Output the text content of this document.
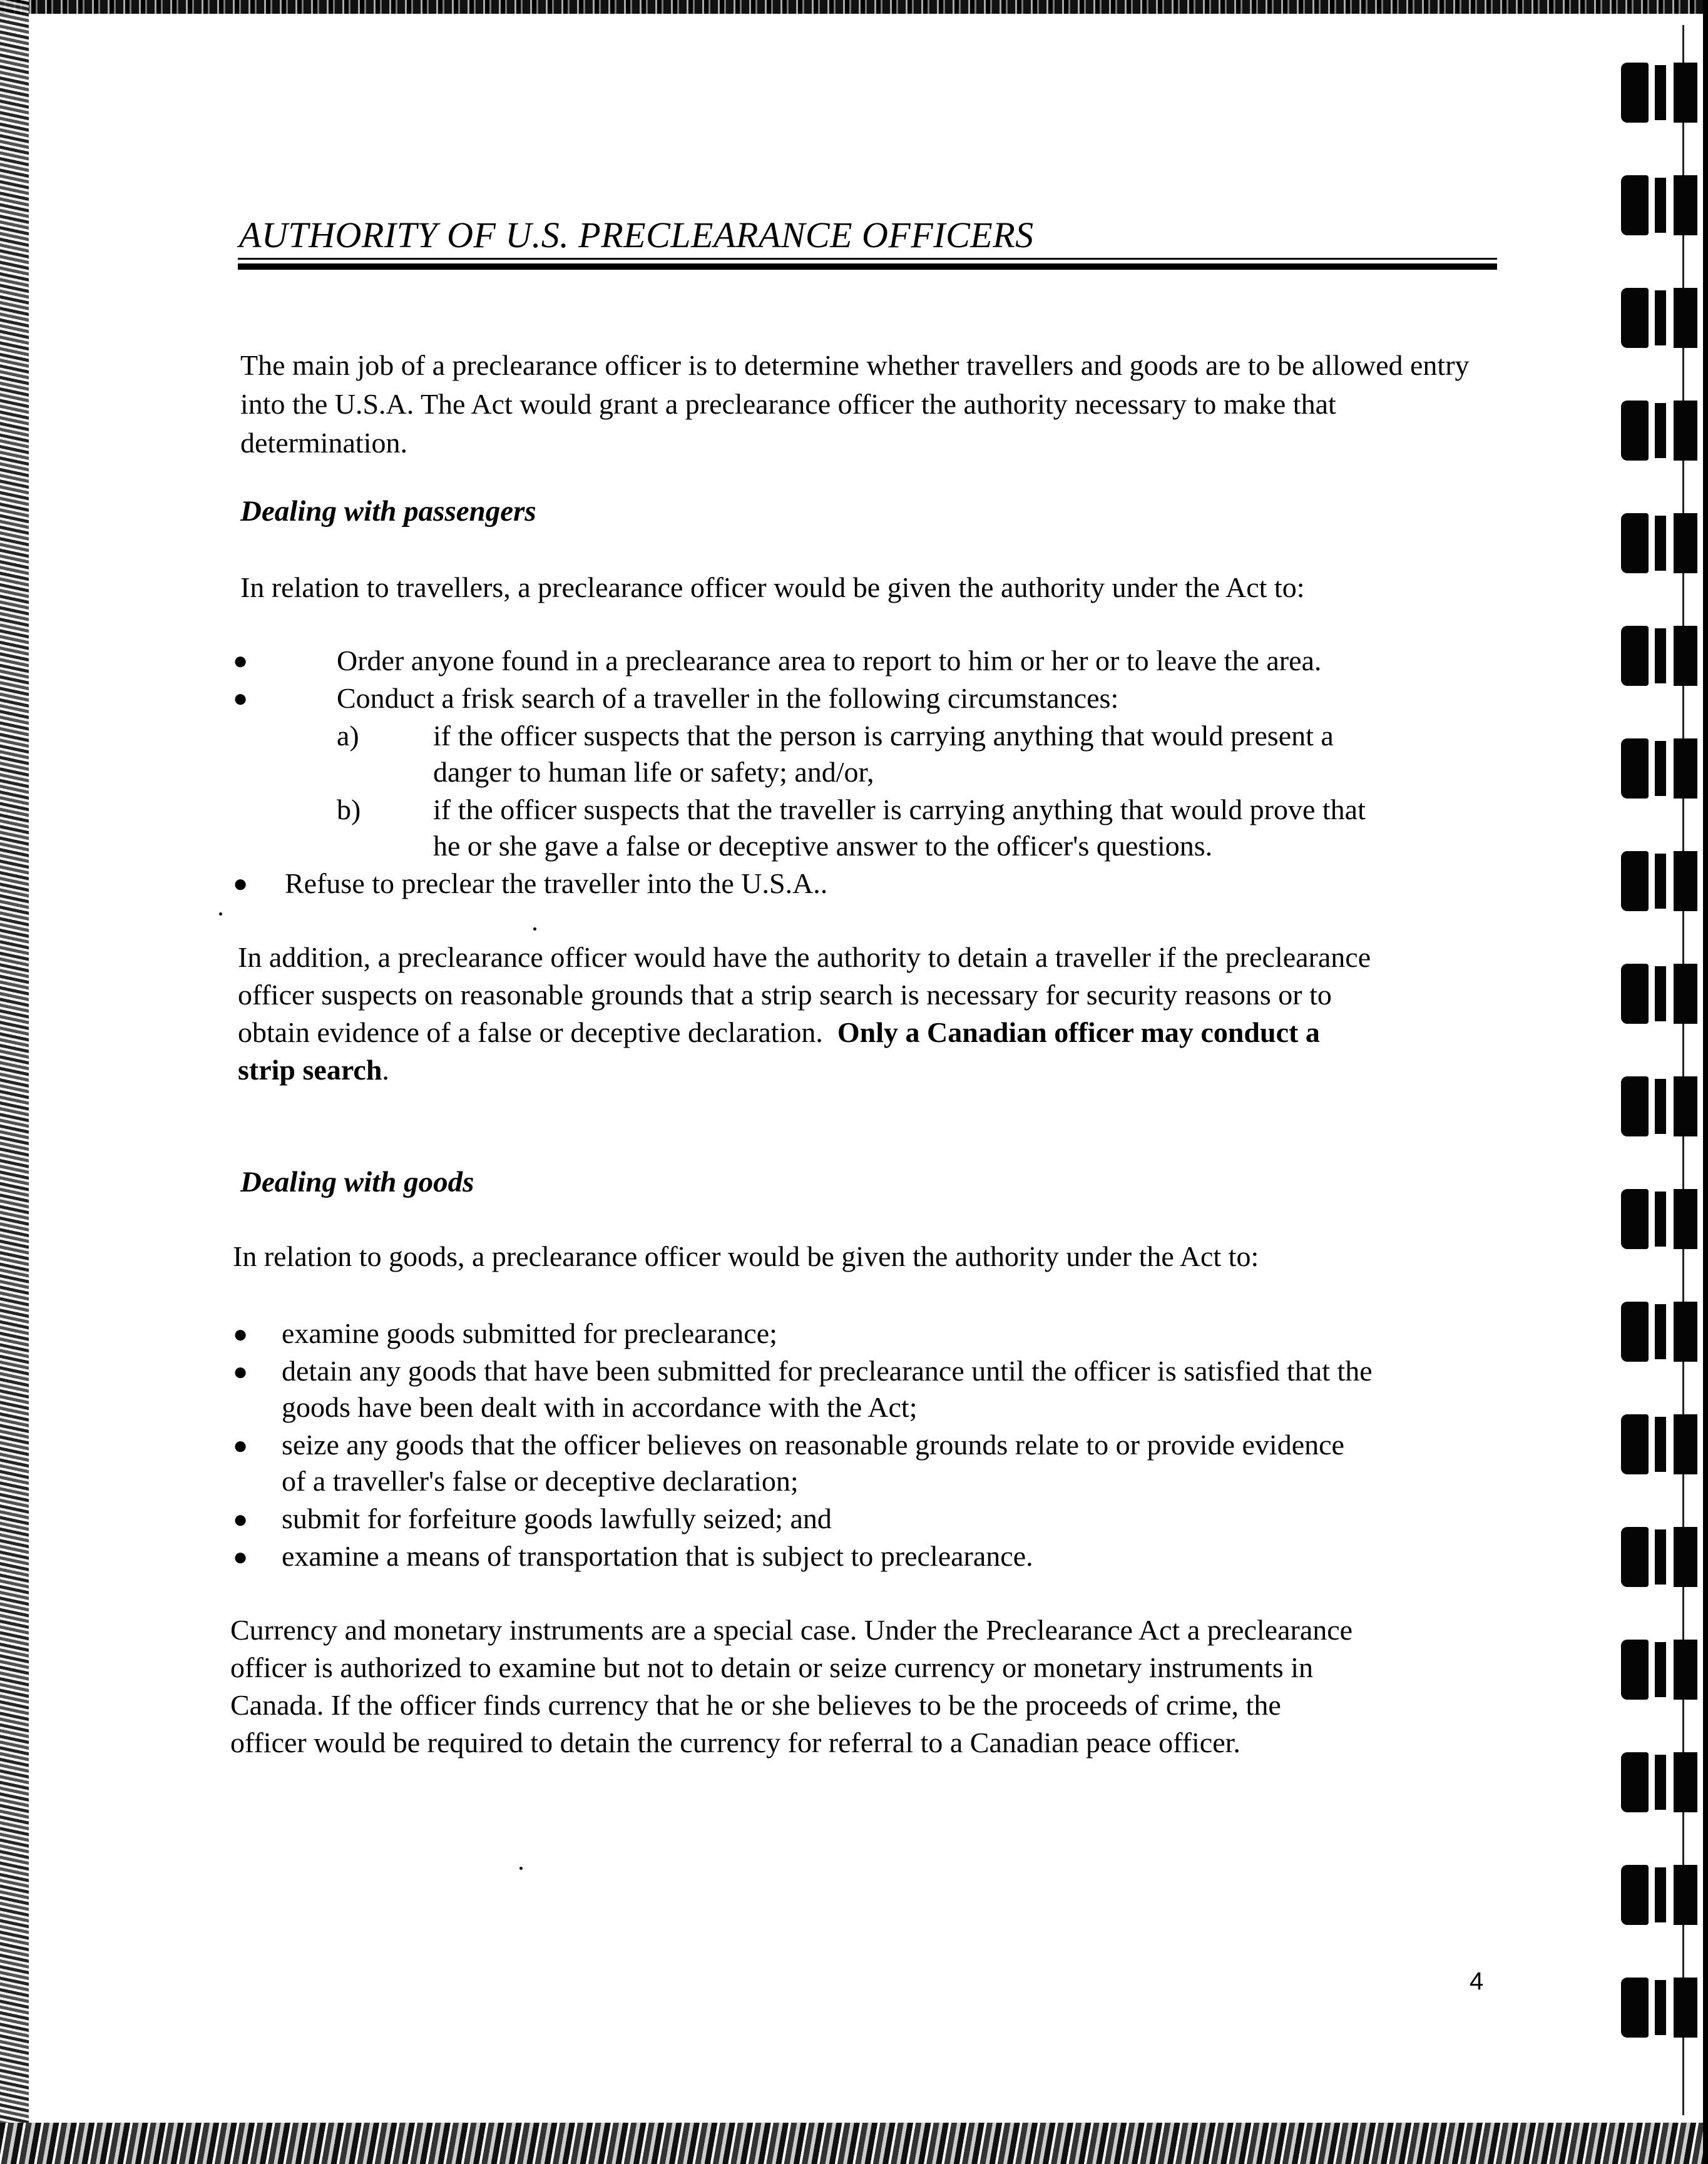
AUTHORITY OF U.S. PRECLEARANCE OFFICERS
The main job of a preclearance officer is to determine whether travellers and goods are to be allowed entry into the U.S.A. The Act would grant a preclearance officer the authority necessary to make that determination.
Dealing with passengers
In relation to travellers, a preclearance officer would be given the authority under the Act to:
●	Order anyone found in a preclearance area to report to him or her or to leave the area.
●	Conduct a frisk search of a traveller in the following circumstances:
a)	if the officer suspects that the person is carrying anything that would present a
danger to human life or safety; and/or,
b)	if the officer suspects that the traveller is carrying anything that would prove that
he or she gave a false or deceptive answer to the officer's questions.
● Refuse to preclear the traveller into the U.S.A..
In addition, a preclearance officer would have the authority to detain a traveller if the preclearance
officer suspects on reasonable grounds that a strip search is necessary for security reasons or to
obtain evidence of a false or deceptive declaration. Only a Canadian officer may conduct a
strip search.
Dealing with goods
In relation to goods, a preclearance officer would be given the authority under the Act to:
● examine goods submitted for preclearance;
● detain any goods that have been submitted for preclearance until the officer is satisfied that the
goods have been dealt with in accordance with the Act;
● seize any goods that the officer believes on reasonable grounds relate to or provide evidence
of a traveller's false or deceptive declaration;
● submit for forfeiture goods lawfully seized; and
● examine a means of transportation that is subject to preclearance.
Currency and monetary instruments are a special case. Under the Preclearance Act a preclearance
officer is authorized to examine but not to detain or seize currency or monetary instruments in
Canada. If the officer finds currency that he or she believes to be the proceeds of crime, the
officer would be required to detain the currency for referral to a Canadian peace officer.
4
